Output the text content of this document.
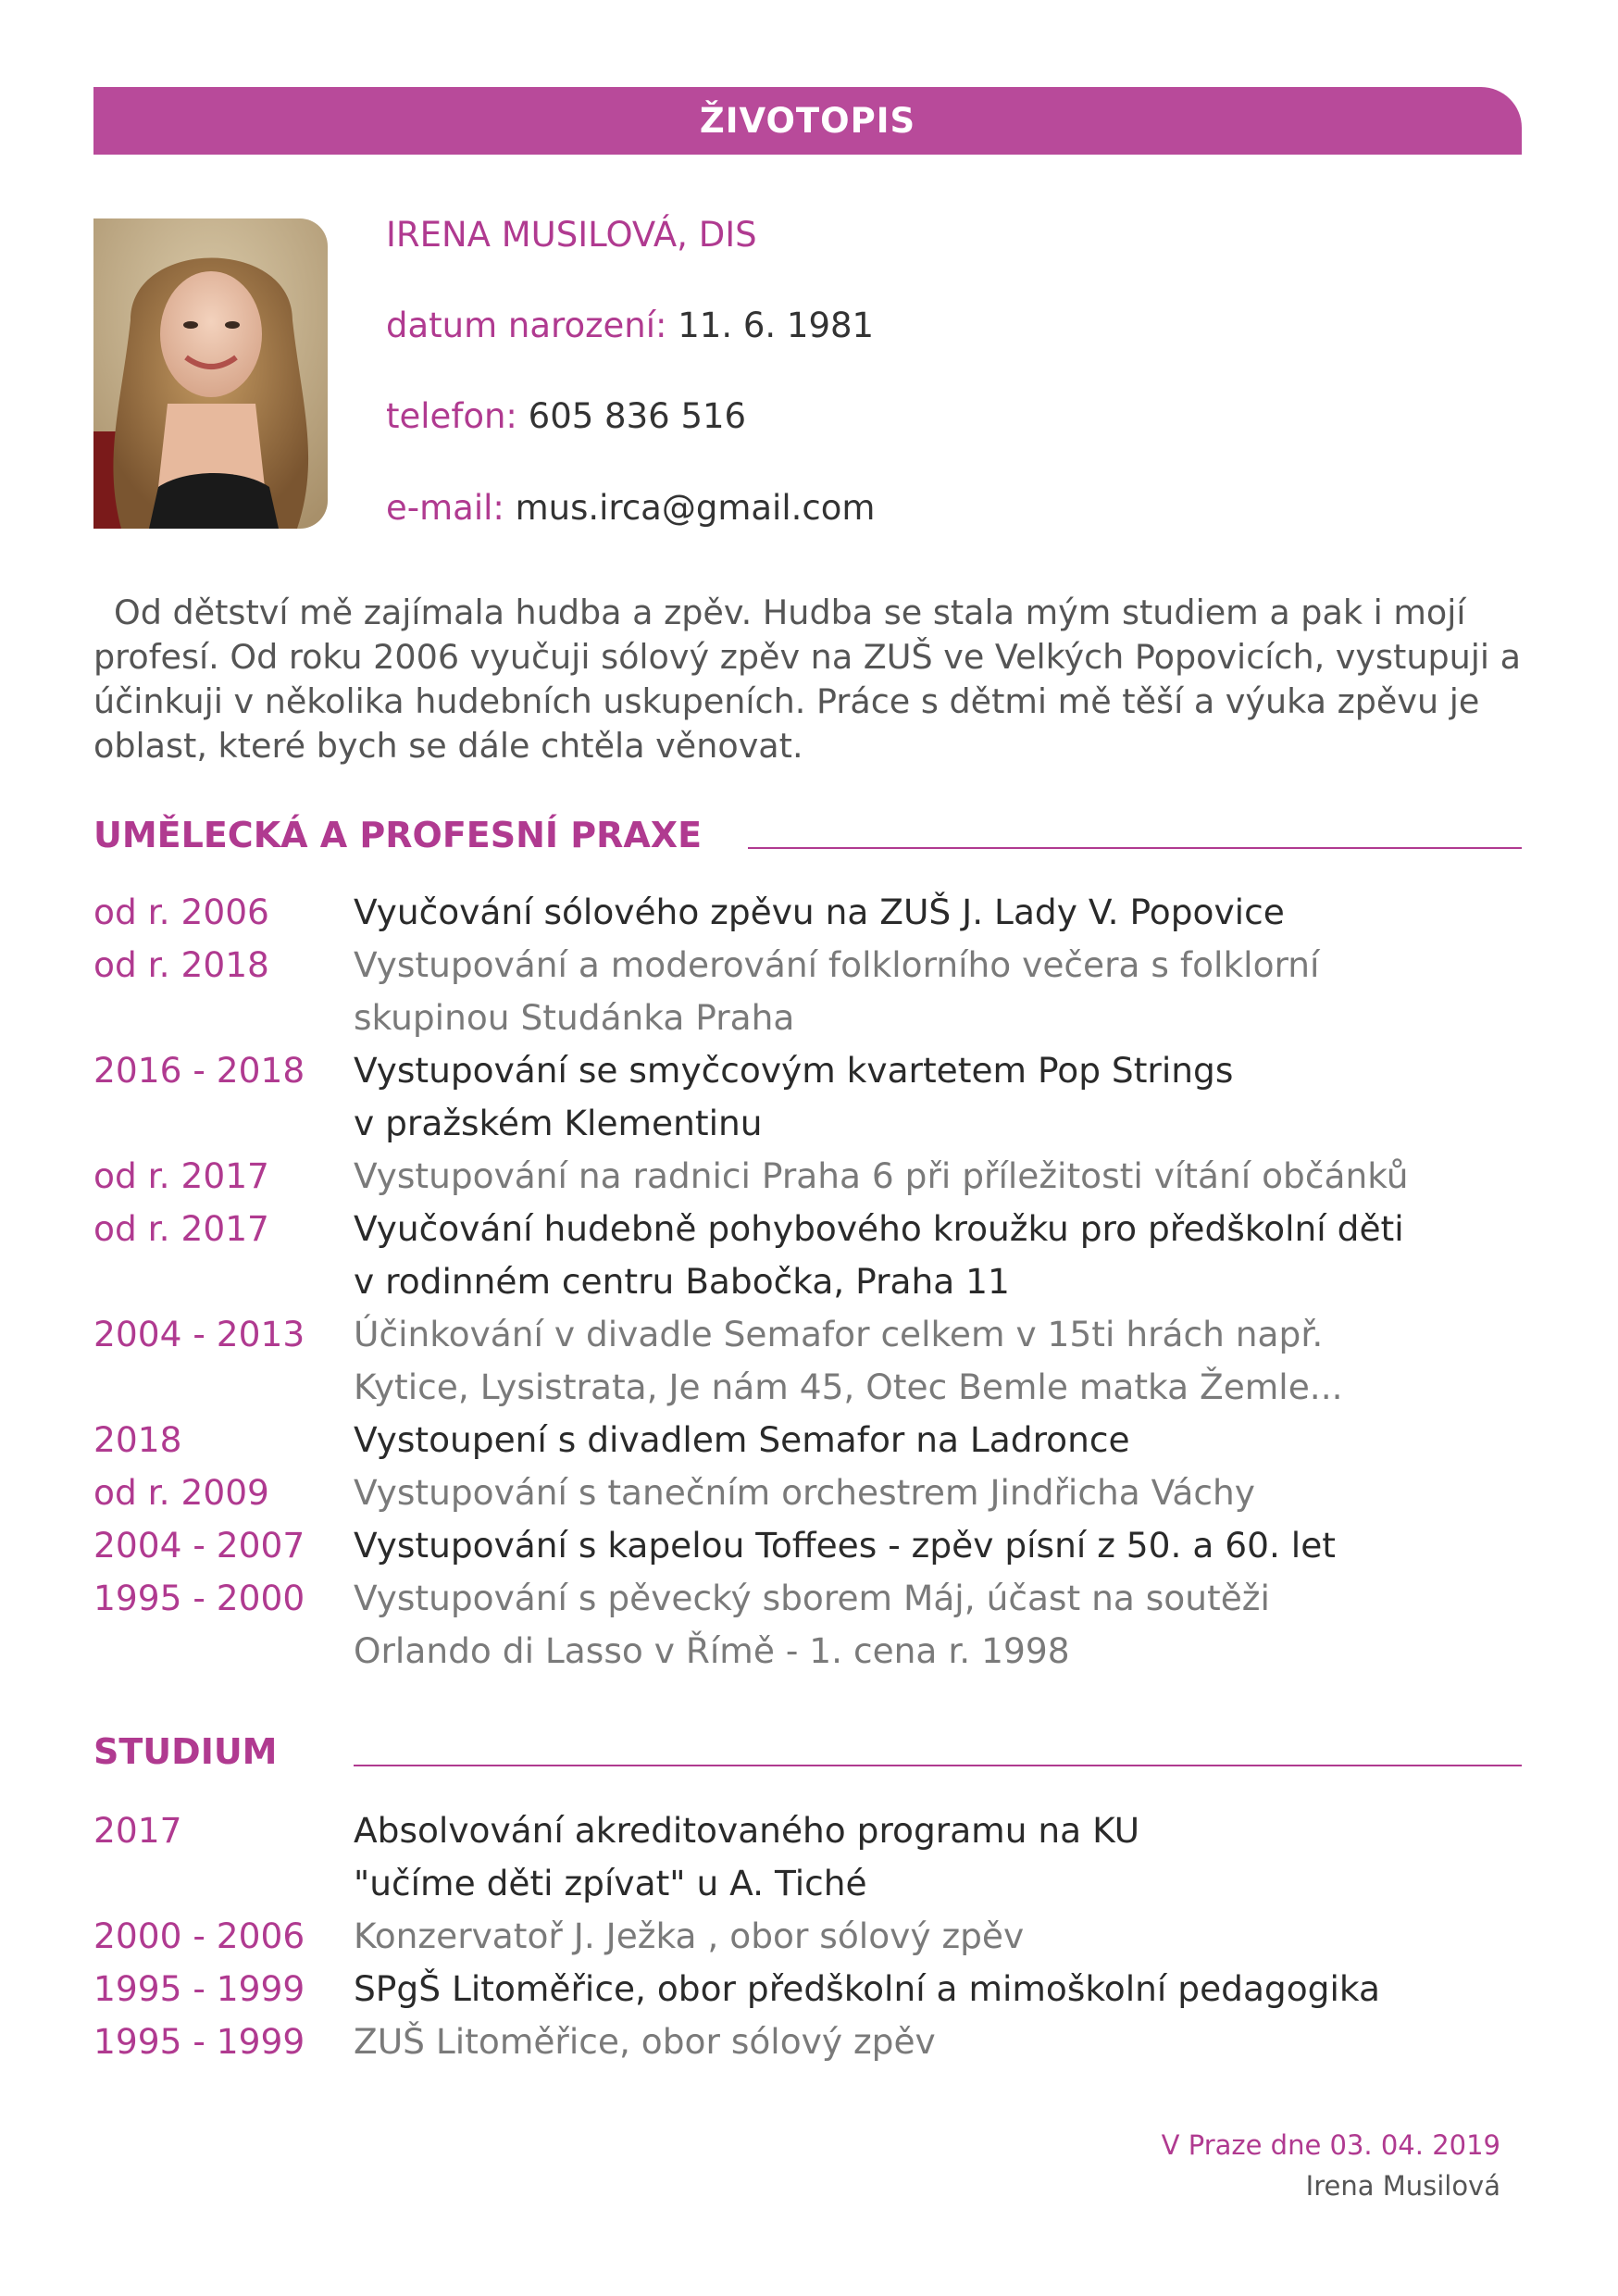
ŽIVOTOPIS
IRENA MUSILOVÁ, DIS
datum narození: 11. 6. 1981
telefon: 605 836 516
e-mail: mus.irca@gmail.com
Od dětství mě zajímala hudba a zpěv. Hudba se stala mým studiem a pak i mojí profesí. Od roku 2006 vyučuji sólový zpěv na ZUŠ ve Velkých Popovicích, vystupuji a účinkuji v několika hudebních uskupeních. Práce s dětmi mě těší a výuka zpěvu je oblast, které bych se dále chtěla věnovat.
UMĚLECKÁ A PROFESNÍ PRAXE
od r. 2006	Vyučování sólového zpěvu na ZUŠ J. Lady V. Popovice
od r. 2018	Vystupování a moderování folklorního večera s folklorní
skupinou Studánka Praha
2016 - 2018	Vystupování se smyčcovým kvartetem Pop Strings
v pražském Klementinu
od r. 2017	Vystupování na radnici Praha 6 při příležitosti vítání občánků
od r. 2017	Vyučování hudebně pohybového kroužku pro předškolní děti
v rodinném centru Babočka, Praha 11
2004 - 2013	Účinkování v divadle Semafor celkem v 15ti hrách např.
Kytice, Lysistrata, Je nám 45, Otec Bemle matka Žemle...
2018	Vystoupení s divadlem Semafor na Ladronce
od r. 2009	Vystupování s tanečním orchestrem Jindřicha Váchy
2004 - 2007	Vystupování s kapelou Toffees - zpěv písní z 50. a 60. let
1995 - 2000	Vystupování s pěvecký sborem Máj, účast na soutěži
Orlando di Lasso v Římě - 1. cena r. 1998
STUDIUM
2017	Absolvování akreditovaného programu na KU
"učíme děti zpívat" u A. Tiché
2000 - 2006	Konzervatoř J. Ježka , obor sólový zpěv
1995 - 1999	SPgŠ Litoměřice, obor předškolní a mimoškolní pedagogika
1995 - 1999	ZUŠ Litoměřice, obor sólový zpěv
V Praze dne 03. 04. 2019
Irena Musilová
